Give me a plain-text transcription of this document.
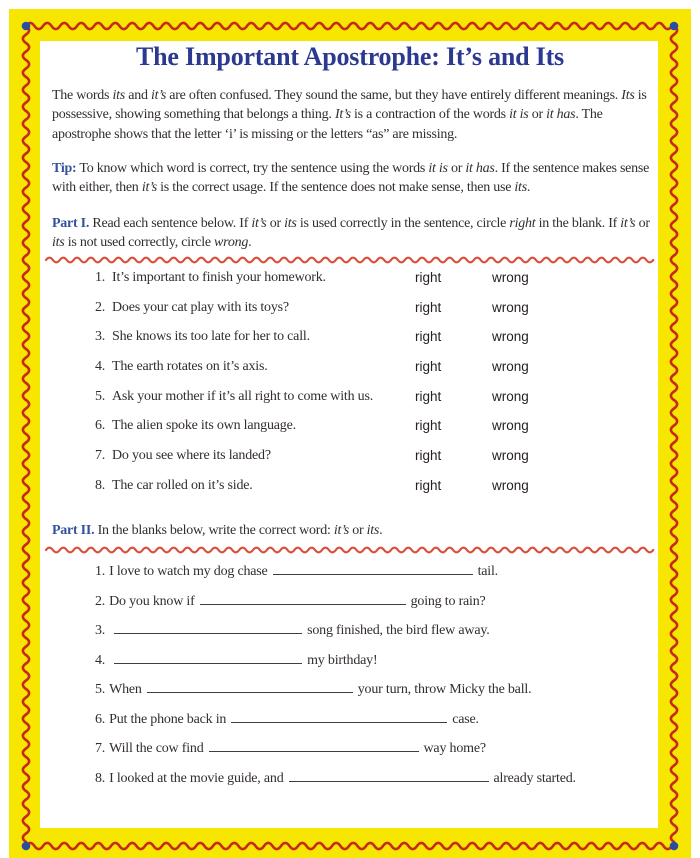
The Important Apostrophe: It’s and Its
The words its and it’s are often confused. They sound the same, but they have entirely different meanings. Its is possessive, showing something that belongs a thing. It’s is a contraction of the words it is or it has. The apostrophe shows that the letter ‘i’ is missing or the letters “as” are missing.
Tip: To know which word is correct, try the sentence using the words it is or it has. If the sentence makes sense with either, then it’s is the correct usage. If the sentence does not make sense, then use its.
Part I. Read each sentence below. If it’s or its is used correctly in the sentence, circle right in the blank. If it’s or its is not used correctly, circle wrong.
1. It’s important to finish your homework.	right	wrong
2. Does your cat play with its toys?	right	wrong
3. She knows its too late for her to call.	right	wrong
4. The earth rotates on it’s axis.	right	wrong
5. Ask your mother if it’s all right to come with us.	right	wrong
6. The alien spoke its own language.	right	wrong
7. Do you see where its landed?	right	wrong
8. The car rolled on it’s side.	right	wrong
Part II. In the blanks below, write the correct word: it’s or its.
1. I love to watch my dog chase	tail.
2. Do you know if	going to rain?
3.	song finished, the bird flew away.
4.	my birthday!
5. When	your turn, throw Micky the ball.
6. Put the phone back in	case.
7. Will the cow find	way home?
8. I looked at the movie guide, and	already started.
